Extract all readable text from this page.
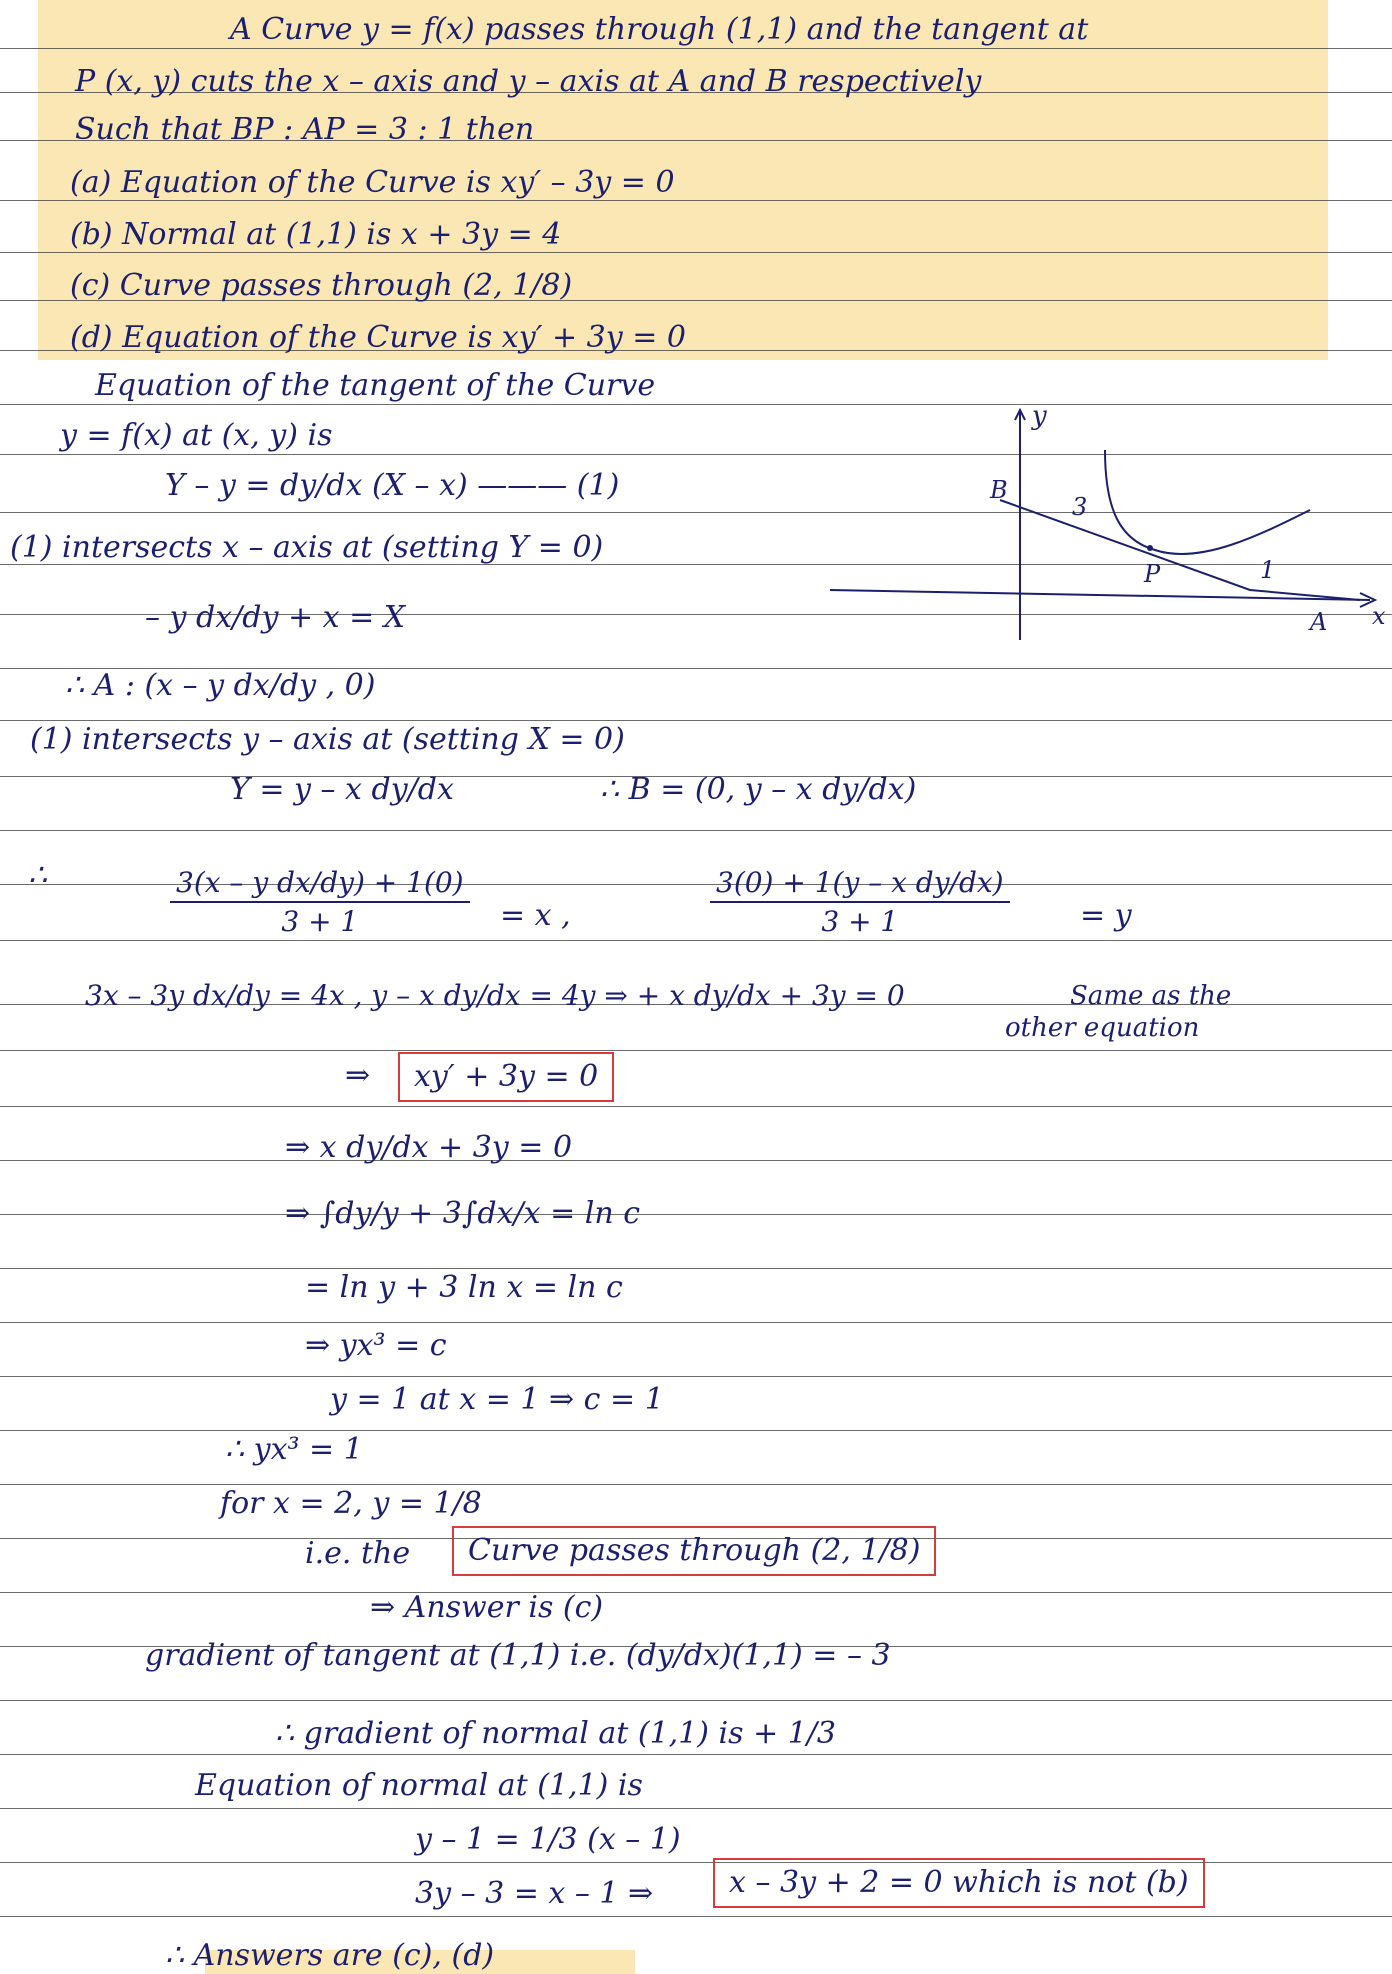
A Curve y = f(x) passes through (1,1) and the tangent at
P (x, y) cuts the x – axis and y – axis at A and B respectively
Such that BP : AP = 3 : 1 then
(a) Equation of the Curve is xy′ – 3y = 0
(b) Normal at (1,1) is x + 3y = 4
(c) Curve passes through (2, 1/8)
(d) Equation of the Curve is xy′ + 3y = 0
Equation of the tangent of the Curve
y = f(x) at (x, y) is
Y – y = dy/dx (X – x) ——— (1)
(1) intersects x – axis at (setting Y = 0)
– y dx/dy + x = X
∴ A : (x – y dx/dy , 0)
(1) intersects y – axis at (setting X = 0)
Y = y – x dy/dx	∴ B = (0, y – x dy/dx)
y
x
B
P
A
3
1
∴	3(x – y dx/dy) + 1(0)
3 + 1	= x ,
3(0) + 1(y – x dy/dx)
3 + 1	= y
3x – 3y dx/dy = 4x , y – x dy/dx = 4y ⇒ + x dy/dx + 3y = 0	Same as the
other equation
⇒	xy′ + 3y = 0
⇒ x dy/dx + 3y = 0
⇒ ∫dy/y + 3∫dx/x = ln c
= ln y + 3 ln x = ln c
⇒ yx³ = c
y = 1 at x = 1 ⇒ c = 1
∴ yx³ = 1
for x = 2, y = 1/8
i.e. the	Curve passes through (2, 1/8)
⇒ Answer is (c)
gradient of tangent at (1,1) i.e. (dy/dx)(1,1) = – 3
∴ gradient of normal at (1,1) is + 1/3
Equation of normal at (1,1) is
y – 1 = 1/3 (x – 1)
3y – 3 = x – 1 ⇒	x – 3y + 2 = 0 which is not (b)
∴ Answers are (c), (d)
